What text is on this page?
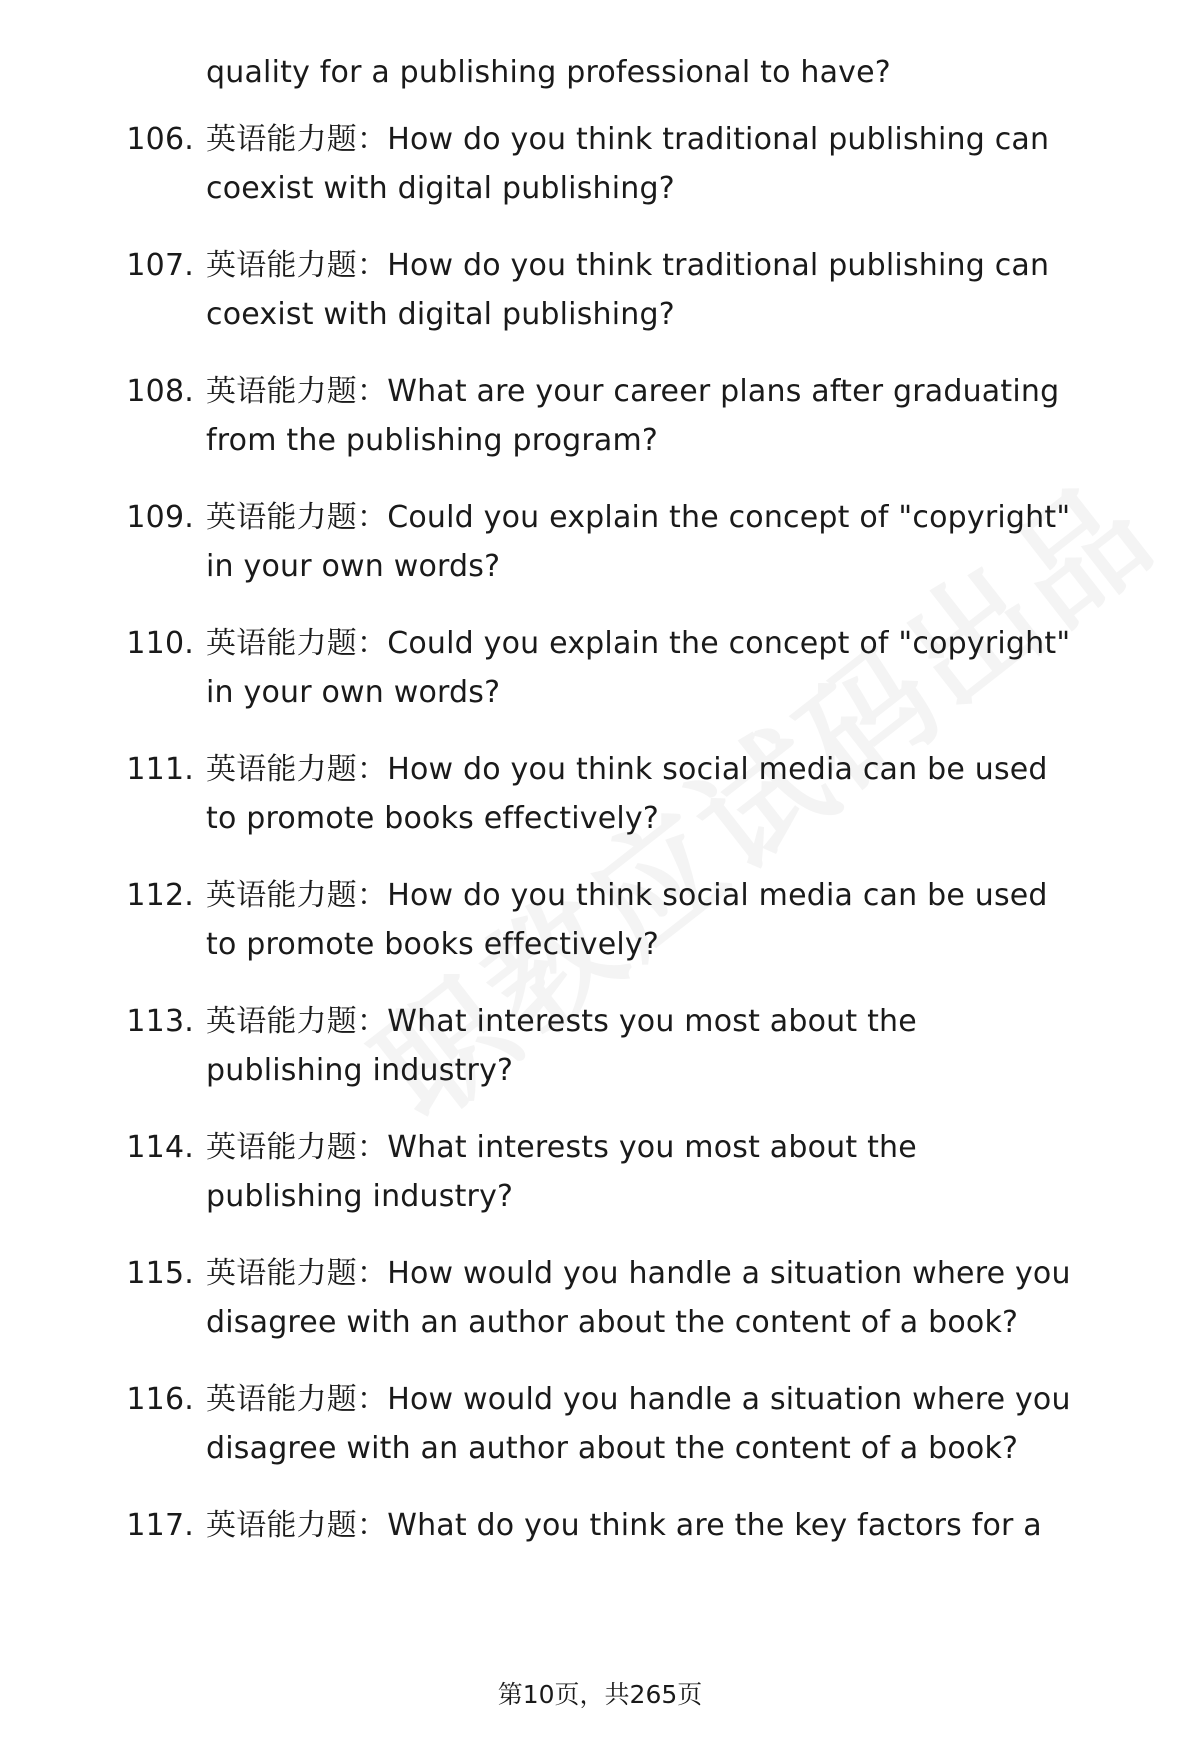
quality for a publishing professional to have?

106. 英语能力题：How do you think traditional publishing can coexist with digital publishing?
107. 英语能力题：How do you think traditional publishing can coexist with digital publishing?
108. 英语能力题：What are your career plans after graduating from the publishing program?
109. 英语能力题：Could you explain the concept of "copyright" in your own words?
110. 英语能力题：Could you explain the concept of "copyright" in your own words?
111. 英语能力题：How do you think social media can be used to promote books effectively?
112. 英语能力题：How do you think social media can be used to promote books effectively?
113. 英语能力题：What interests you most about the publishing industry?
114. 英语能力题：What interests you most about the publishing industry?
115. 英语能力题：How would you handle a situation where you disagree with an author about the content of a book?
116. 英语能力题：How would you handle a situation where you disagree with an author about the content of a book?
117. 英语能力题：What do you think are the key factors for a
第10页，共265页
